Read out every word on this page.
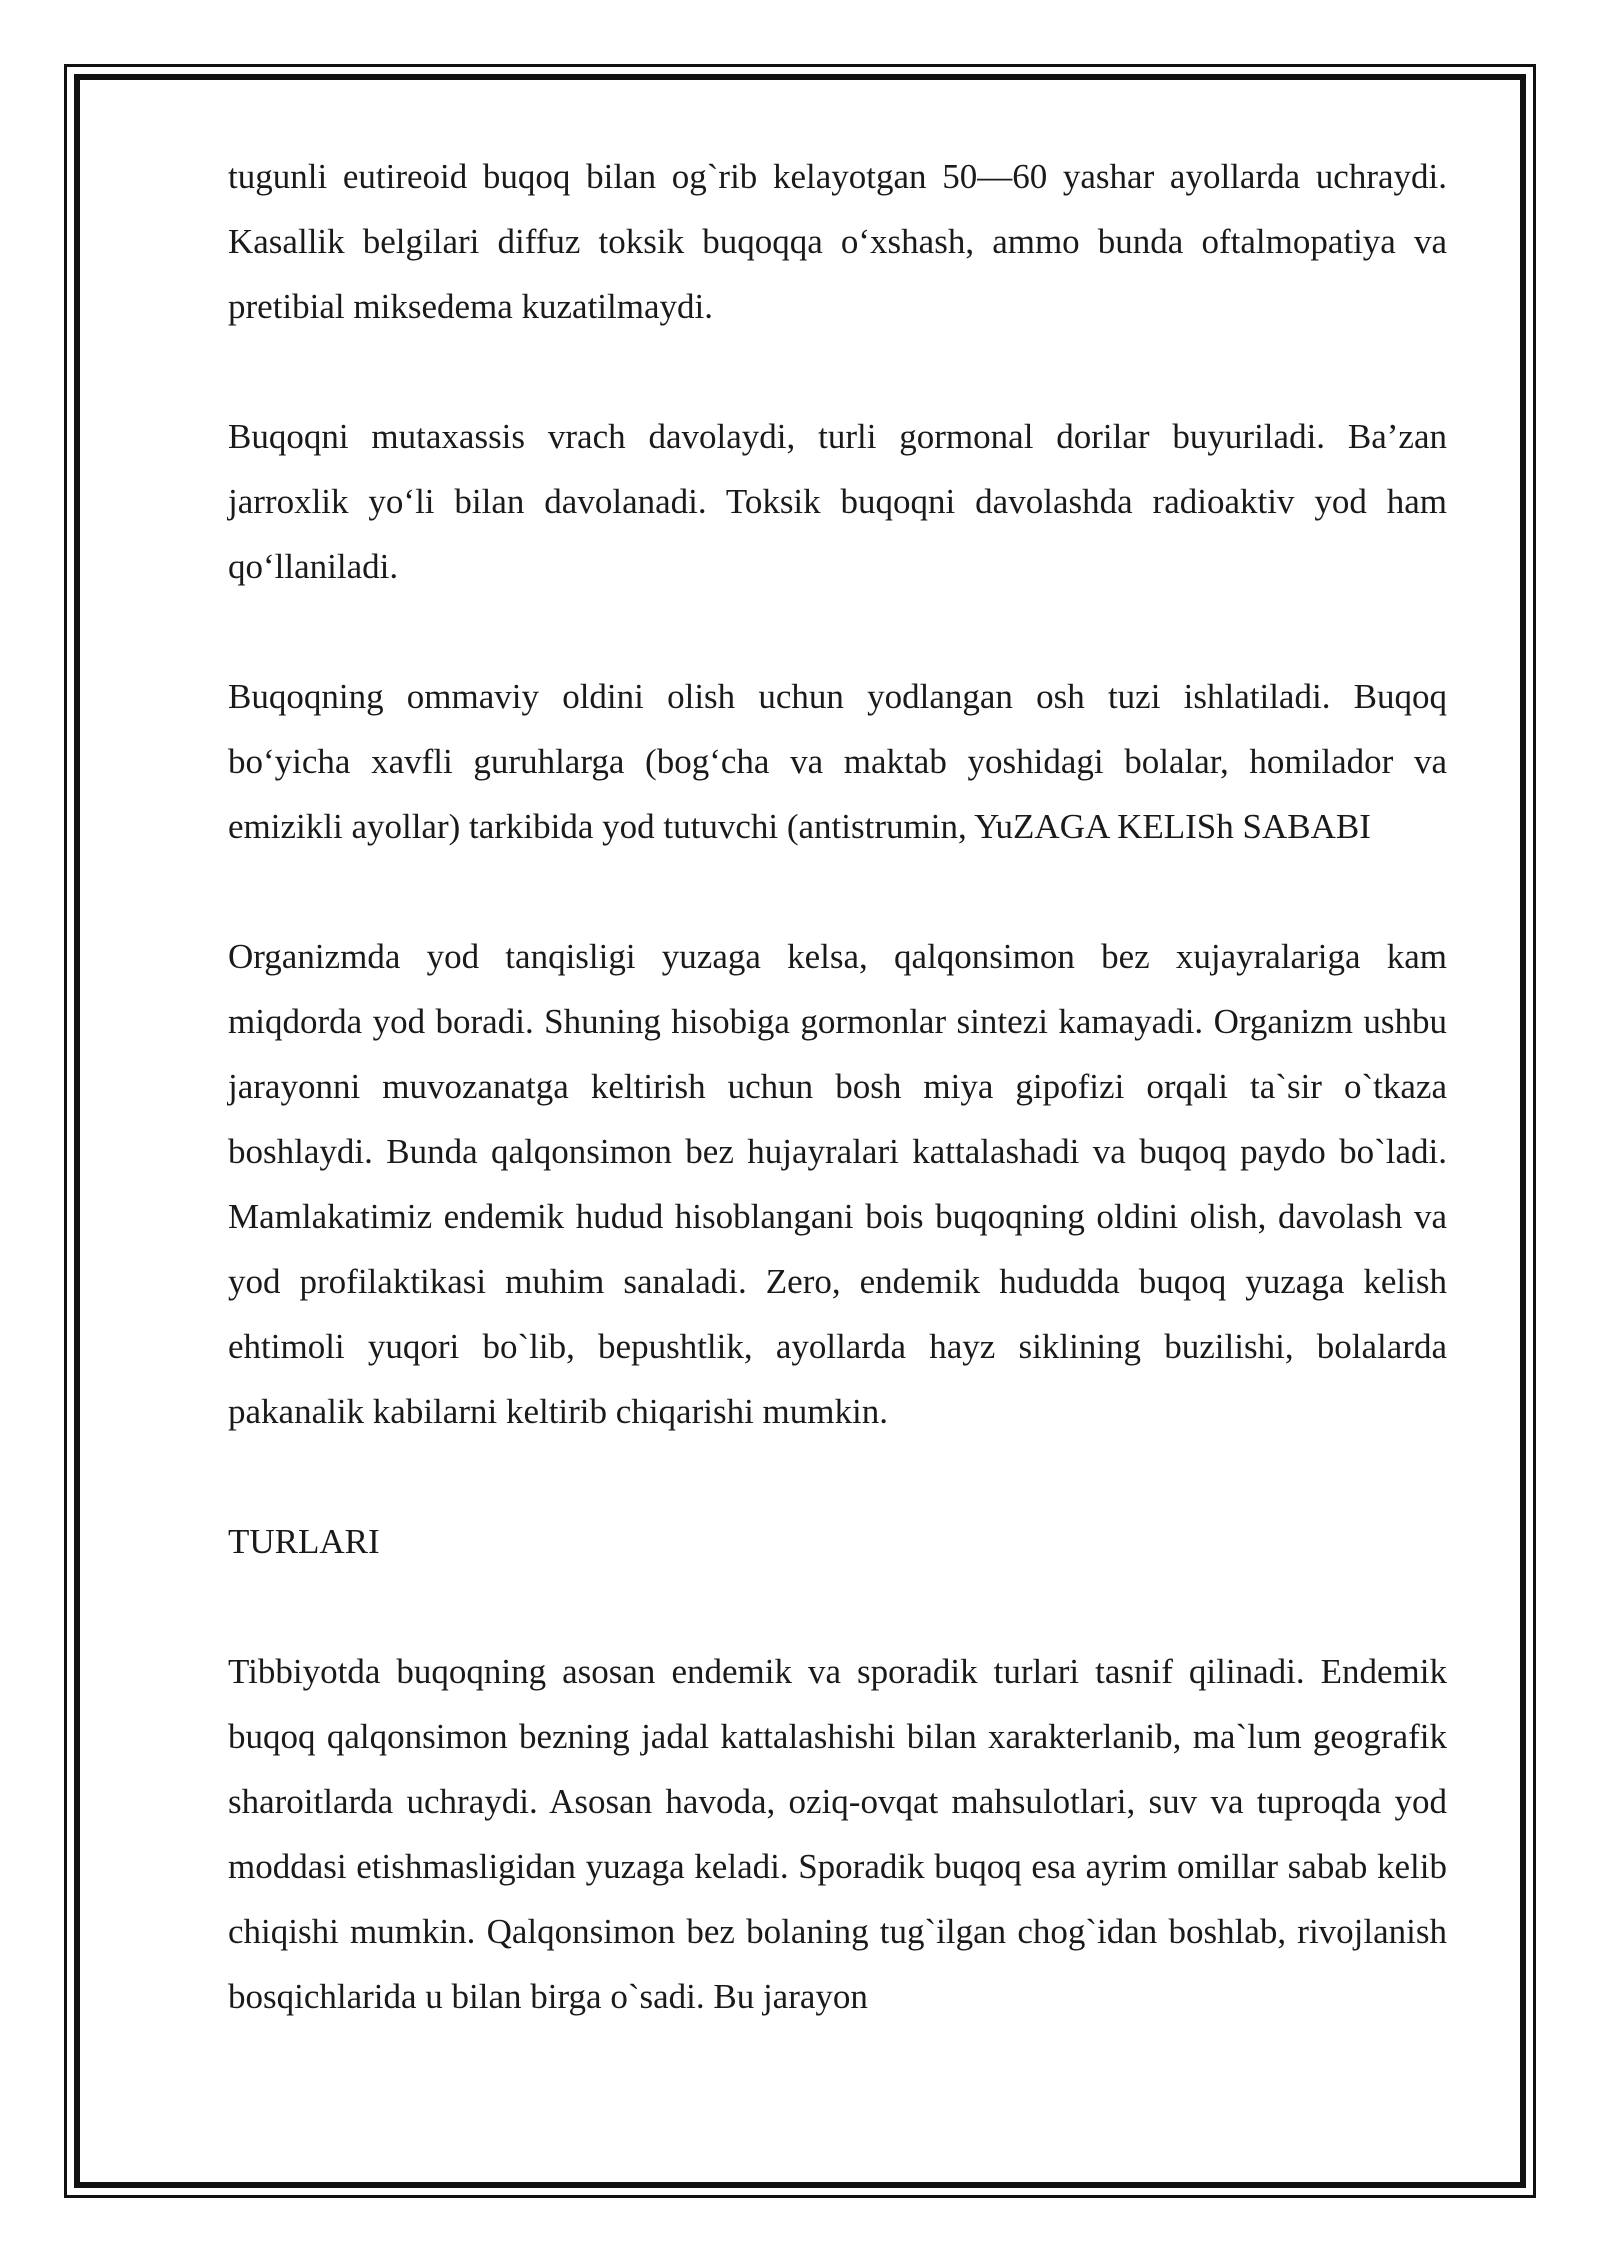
tugunli eutireoid buqoq bilan og`rib kelayotgan 50—60 yashar ayollarda uchraydi. Kasallik belgilari diffuz toksik buqoqqa o‘xshash, ammo bunda oftalmopatiya va pretibial miksedema kuzatilmaydi.

Buqoqni mutaxassis vrach davolaydi, turli gormonal dorilar buyuriladi. Ba’zan jarroxlik yo‘li bilan davolanadi. Toksik buqoqni davolashda radioaktiv yod ham qo‘llaniladi.

Buqoqning ommaviy oldini olish uchun yodlangan osh tuzi ishlatiladi. Buqoq bo‘yicha xavfli guruhlarga (bog‘cha va maktab yoshidagi bolalar, homilador va emizikli ayollar) tarkibida yod tutuvchi (antistrumin, YuZAGA KELISh SABABI

Organizmda yod tanqisligi yuzaga kelsa, qalqonsimon bez xujayralariga kam miqdorda yod boradi. Shuning hisobiga gormonlar sintezi kamayadi. Organizm ushbu jarayonni muvozanatga keltirish uchun bosh miya gipofizi orqali ta`sir o`tkaza boshlaydi. Bunda qalqonsimon bez hujayralari kattalashadi va buqoq paydo bo`ladi. Mamlakatimiz endemik hudud hisoblangani bois buqoqning oldini olish, davolash va yod profilaktikasi muhim sanaladi. Zero, endemik hududda buqoq yuzaga kelish ehtimoli yuqori bo`lib, bepushtlik, ayollarda hayz siklining buzilishi, bolalarda pakanalik kabilarni keltirib chiqarishi mumkin.

TURLARI

Tibbiyotda buqoqning asosan endemik va sporadik turlari tasnif qilinadi. Endemik buqoq qalqonsimon bezning jadal kattalashishi bilan xarakterlanib, ma`lum geografik sharoitlarda uchraydi. Asosan havoda, oziq-ovqat mahsulotlari, suv va tuproqda yod moddasi etishmasligidan yuzaga keladi. Sporadik buqoq esa ayrim omillar sabab kelib chiqishi mumkin. Qalqonsimon bez bolaning tug`ilgan chog`idan boshlab, rivojlanish bosqichlarida u bilan birga o`sadi. Bu jarayon
